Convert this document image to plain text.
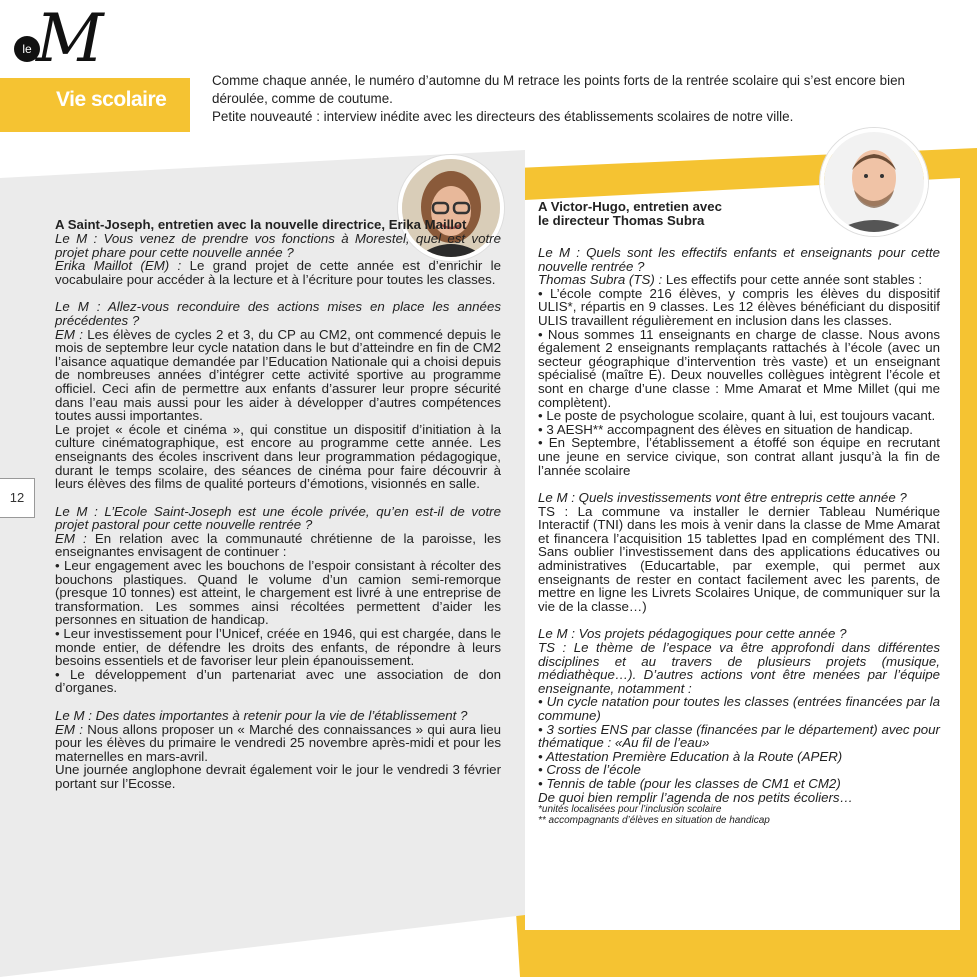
le M
Vie scolaire

Comme chaque année, le numéro d’automne du M retrace les points forts de la rentrée scolaire qui s’est encore bien déroulée, comme de coutume.

Petite nouveauté : interview inédite avec les directeurs des établissements scolaires de notre ville.

12

A Saint-Joseph, entretien avec la nouvelle directrice, Erika Maillot

Le M : Vous venez de prendre vos fonctions à Morestel, quel est votre projet phare pour cette nouvelle année ?

Erika Maillot (EM) : Le grand projet de cette année est d’enrichir le vocabulaire pour accéder à la lecture et à l’écriture pour toutes les classes.

Le M : Allez-vous reconduire des actions mises en place les années précédentes ?

EM : Les élèves de cycles 2 et 3, du CP au CM2, ont commencé depuis le mois de septembre leur cycle natation dans le but d’atteindre en fin de CM2 l’aisance aquatique demandée par l’Education Nationale qui a choisi depuis de nombreuses années d’intégrer cette activité sportive au programme officiel. Ceci afin de permettre aux enfants d’assurer leur propre sécurité dans l’eau mais aussi pour les aider à développer d’autres compétences toutes aussi importantes.

Le projet « école et cinéma », qui constitue un dispositif d’initiation à la culture cinématographique, est encore au programme cette année. Les enseignants des écoles inscrivent dans leur programmation pédagogique, durant le temps scolaire, des séances de cinéma pour faire découvrir à leurs élèves des films de qualité porteurs d’émotions, visionnés en salle.

Le M : L’Ecole Saint-Joseph est une école privée, qu’en est-il de votre projet pastoral pour cette nouvelle rentrée ?

EM : En relation avec la communauté chrétienne de la paroisse, les enseignantes envisagent de continuer :

• Leur engagement avec les bouchons de l’espoir consistant à récolter des bouchons plastiques. Quand le volume d’un camion semi-remorque (presque 10 tonnes) est atteint, le chargement est livré à une entreprise de transformation. Les sommes ainsi récoltées permettent d’aider les personnes en situation de handicap.

• Leur investissement pour l’Unicef, créée en 1946, qui est chargée, dans le monde entier, de défendre les droits des enfants, de répondre à leurs besoins essentiels et de favoriser leur plein épanouissement.

• Le développement d’un partenariat avec une association de don d’organes.

Le M : Des dates importantes à retenir pour la vie de l’établissement ?

EM : Nous allons proposer un « Marché des connaissances » qui aura lieu pour les élèves du primaire le vendredi 25 novembre après-midi et pour les maternelles en mars-avril.

Une journée anglophone devrait également voir le jour le vendredi 3 février portant sur l’Ecosse.

A Victor-Hugo, entretien avec
le directeur Thomas Subra

Le M : Quels sont les effectifs enfants et enseignants pour cette nouvelle rentrée ?

Thomas Subra (TS) : Les effectifs pour cette année sont stables :

• L’école compte 216 élèves, y compris les élèves du dispositif ULIS*, répartis en 9 classes. Les 12 élèves bénéficiant du dispositif ULIS travaillent régulièrement en inclusion dans les classes.

• Nous sommes 11 enseignants en charge de classe. Nous avons également 2 enseignants remplaçants rattachés à l’école (avec un secteur géographique d’intervention très vaste) et un enseignant spécialisé (maître E). Deux nouvelles collègues intègrent l’école et sont en charge d’une classe : Mme Amarat et Mme Millet (qui me complètent).

• Le poste de psychologue scolaire, quant à lui, est toujours vacant.

• 3 AESH** accompagnent des élèves en situation de handicap.

• En Septembre, l’établissement a étoffé son équipe en recrutant une jeune en service civique, son contrat allant jusqu’à la fin de l’année scolaire

Le M : Quels investissements vont être entrepris cette année ?

TS : La commune va installer le dernier Tableau Numérique Interactif (TNI) dans les mois à venir dans la classe de Mme Amarat et financera l’acquisition 15 tablettes Ipad en complément des TNI. Sans oublier l’investissement dans des applications éducatives ou administratives (Educartable, par exemple, qui permet aux enseignants de rester en contact facilement avec les parents, de mettre en ligne les Livrets Scolaires Unique, de communiquer sur la vie de la classe…)

Le M : Vos projets pédagogiques pour cette année ?

TS : Le thème de l’espace va être approfondi dans différentes disciplines et au travers de plusieurs projets (musique, médiathèque…). D’autres actions vont être menées par l’équipe enseignante, notamment :

• Un cycle natation pour toutes les classes (entrées financées par la commune)

• 3 sorties ENS par classe (financées par le département) avec pour thématique : «Au fil de l’eau»

• Attestation Première Education à la Route (APER)

• Cross de l’école

• Tennis de table (pour les classes de CM1 et CM2)

De quoi bien remplir l’agenda de nos petits écoliers…

*unités localisées pour l’inclusion scolaire
** accompagnants d’élèves en situation de handicap
